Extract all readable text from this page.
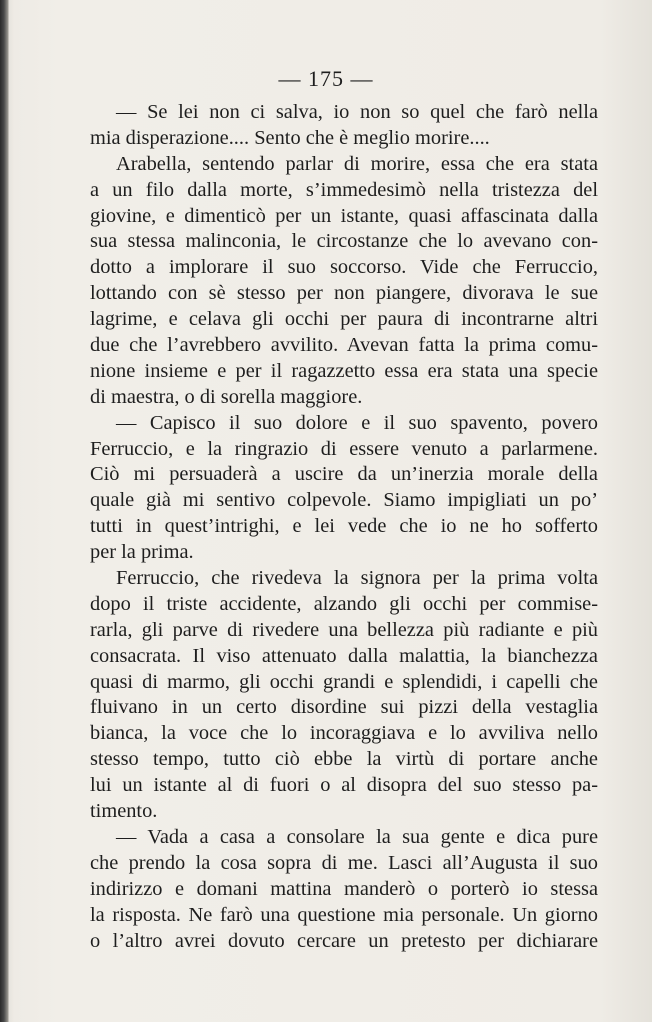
— 175 —
— Se lei non ci salva, io non so quel che farò nella
mia disperazione.... Sento che è meglio morire....
Arabella, sentendo parlar di morire, essa che era stata
a un filo dalla morte, s’immedesimò nella tristezza del
giovine, e dimenticò per un istante, quasi affascinata dalla
sua stessa malinconia, le circostanze che lo avevano con-
dotto a implorare il suo soccorso. Vide che Ferruccio,
lottando con sè stesso per non piangere, divorava le sue
lagrime, e celava gli occhi per paura di incontrarne altri
due che l’avrebbero avvilito. Avevan fatta la prima comu-
nione insieme e per il ragazzetto essa era stata una specie
di maestra, o di sorella maggiore.
— Capisco il suo dolore e il suo spavento, povero
Ferruccio, e la ringrazio di essere venuto a parlarmene.
Ciò mi persuaderà a uscire da un’inerzia morale della
quale già mi sentivo colpevole. Siamo impigliati un po’
tutti in quest’intrighi, e lei vede che io ne ho sofferto
per la prima.
Ferruccio, che rivedeva la signora per la prima volta
dopo il triste accidente, alzando gli occhi per commise-
rarla, gli parve di rivedere una bellezza più radiante e più
consacrata. Il viso attenuato dalla malattia, la bianchezza
quasi di marmo, gli occhi grandi e splendidi, i capelli che
fluivano in un certo disordine sui pizzi della vestaglia
bianca, la voce che lo incoraggiava e lo avviliva nello
stesso tempo, tutto ciò ebbe la virtù di portare anche
lui un istante al di fuori o al disopra del suo stesso pa-
timento.
— Vada a casa a consolare la sua gente e dica pure
che prendo la cosa sopra di me. Lasci all’Augusta il suo
indirizzo e domani mattina manderò o porterò io stessa
la risposta. Ne farò una questione mia personale. Un giorno
o l’altro avrei dovuto cercare un pretesto per dichiarare
